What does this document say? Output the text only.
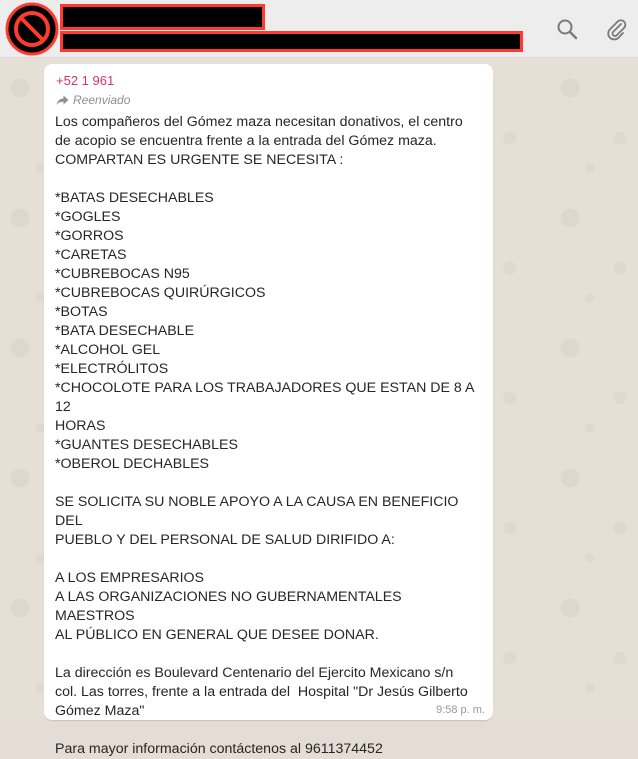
+52 1 961
Reenviado

Los compañeros del Gómez maza necesitan donativos, el centro
de acopio se encuentra frente a la entrada del Gómez maza.
COMPARTAN ES URGENTE SE NECESITA :

*BATAS DESECHABLES
*GOGLES
*GORROS
*CARETAS
*CUBREBOCAS N95
*CUBREBOCAS QUIRÚRGICOS
*BOTAS
*BATA DESECHABLE
*ALCOHOL GEL
*ELECTRÓLITOS
*CHOCOLOTE PARA LOS TRABAJADORES QUE ESTAN DE 8 A 12
HORAS
*GUANTES DESECHABLES
*OBEROL DECHABLES

SE SOLICITA SU NOBLE APOYO A LA CAUSA EN BENEFICIO DEL
PUEBLO Y DEL PERSONAL DE SALUD DIRIFIDO A:

A LOS EMPRESARIOS
A LAS ORGANIZACIONES NO GUBERNAMENTALES
MAESTROS
AL PÚBLICO EN GENERAL QUE DESEE DONAR.

La dirección es Boulevard Centenario del Ejercito Mexicano s/n
col. Las torres, frente a la entrada del  Hospital "Dr Jesús Gilberto
Gómez Maza"

Para mayor información contáctenos al 9611374452

9:58 p. m.
